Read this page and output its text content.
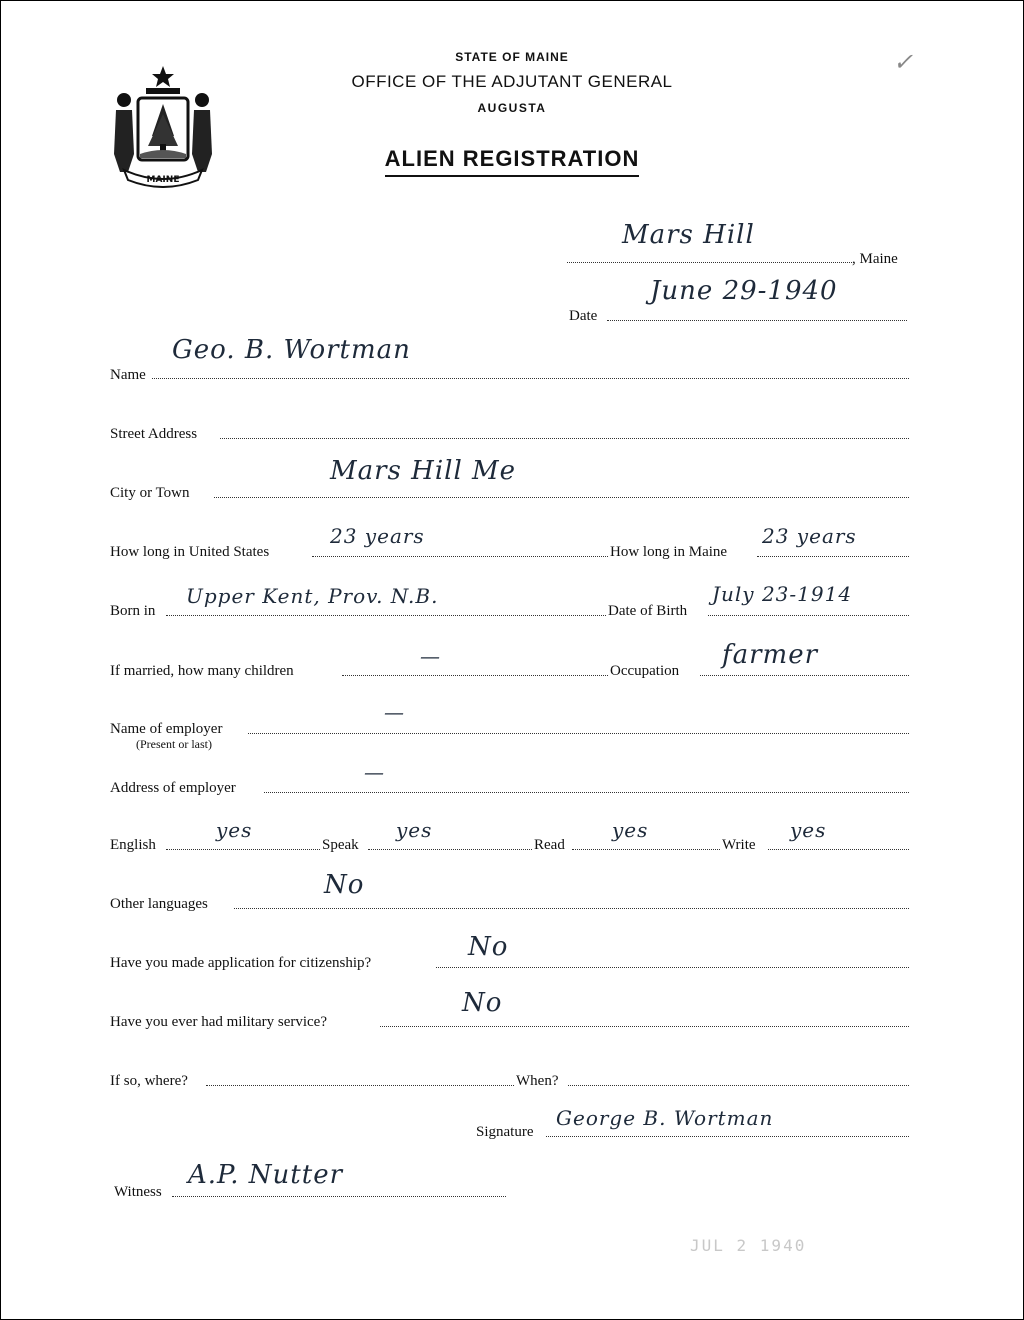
✓
MAINE
STATE OF MAINE
OFFICE OF THE ADJUTANT GENERAL
AUGUSTA
ALIEN REGISTRATION
Mars Hill
, Maine
Date
June 29-1940
Name
Geo. B. Wortman
Street Address
City or Town
Mars Hill Me
How long in United States
23 years
How long in Maine
23 years
Born in
Upper Kent, Prov. N.B.
Date of Birth
July 23-1914
If married, how many children
—
Occupation
farmer
Name of employer
(Present or last)
—
Address of employer
—
English
yes
Speak
yes
Read
yes
Write
yes
Other languages
No
Have you made application for citizenship?
No
Have you ever had military service?
No
If so, where?	When?
Signature
George B. Wortman
Witness
A.P. Nutter
JUL 2 1940
